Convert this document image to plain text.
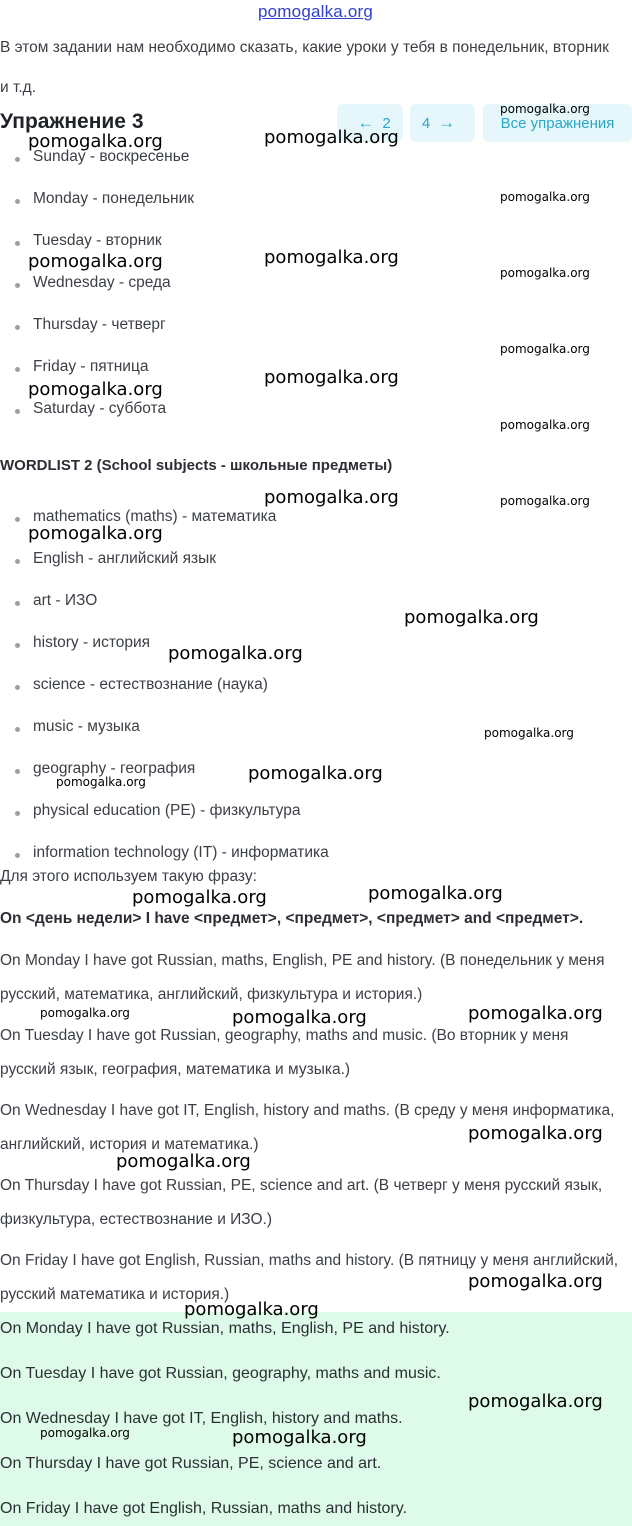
pomogalka.org
В этом задании нам необходимо сказать, какие уроки у тебя в понедельник, вторник и т.д.
Упражнение 3	← 2 4 →	Все упражнения
Sunday - воскресенье
Monday - понедельник
Tuesday - вторник
Wednesday - среда
Thursday - четверг
Friday - пятница
Saturday - суббота
WORDLIST 2 (School subjects - школьные предметы)
mathematics (maths) - математика
English - английский язык
art - ИЗО
history - история
science - естествознание (наука)
music - музыка
geography - география
physical education (PE) - физкультура
information technology (IT) - информатика
Для этого используем такую фразу:
On <день недели> I have <предмет>, <предмет>, <предмет> and <предмет>.
On Monday I have got Russian, maths, English, PE and history. (В понедельник у меня русский, математика, английский, физкультура и история.)
On Tuesday I have got Russian, geography, maths and music. (Во вторник у меня русский язык, география, математика и музыка.)
On Wednesday I have got IT, English, history and maths. (В среду у меня информатика, английский, история и математика.)
On Thursday I have got Russian, PE, science and art. (В четверг у меня русский язык, физкультура, естествознание и ИЗО.)
On Friday I have got English, Russian, maths and history. (В пятницу у меня английский, русский математика и история.)
On Monday I have got Russian, maths, English, PE and history.
On Tuesday I have got Russian, geography, maths and music.
On Wednesday I have got IT, English, history and maths.
On Thursday I have got Russian, PE, science and art.
On Friday I have got English, Russian, maths and history.
pomogalka.org
pomogalka.org	pomogalka.org
pomogalka.org
pomogalka.org	pomogalka.org
pomogalka.org
pomogalka.org
pomogalka.org
pomogalka.org
pomogalka.org
pomogalka.org	pomogalka.org
pomogalka.org
pomogalka.org
pomogalka.org
pomogalka.org
pomogalka.org
pomogalka.org
pomogalka.org
pomogalka.org
pomogalka.org	pomogalka.org
pomogalka.org
pomogalka.org
pomogalka.org
pomogalka.org
pomogalka.org
pomogalka.org
pomogalka.org	pomogalka.org
